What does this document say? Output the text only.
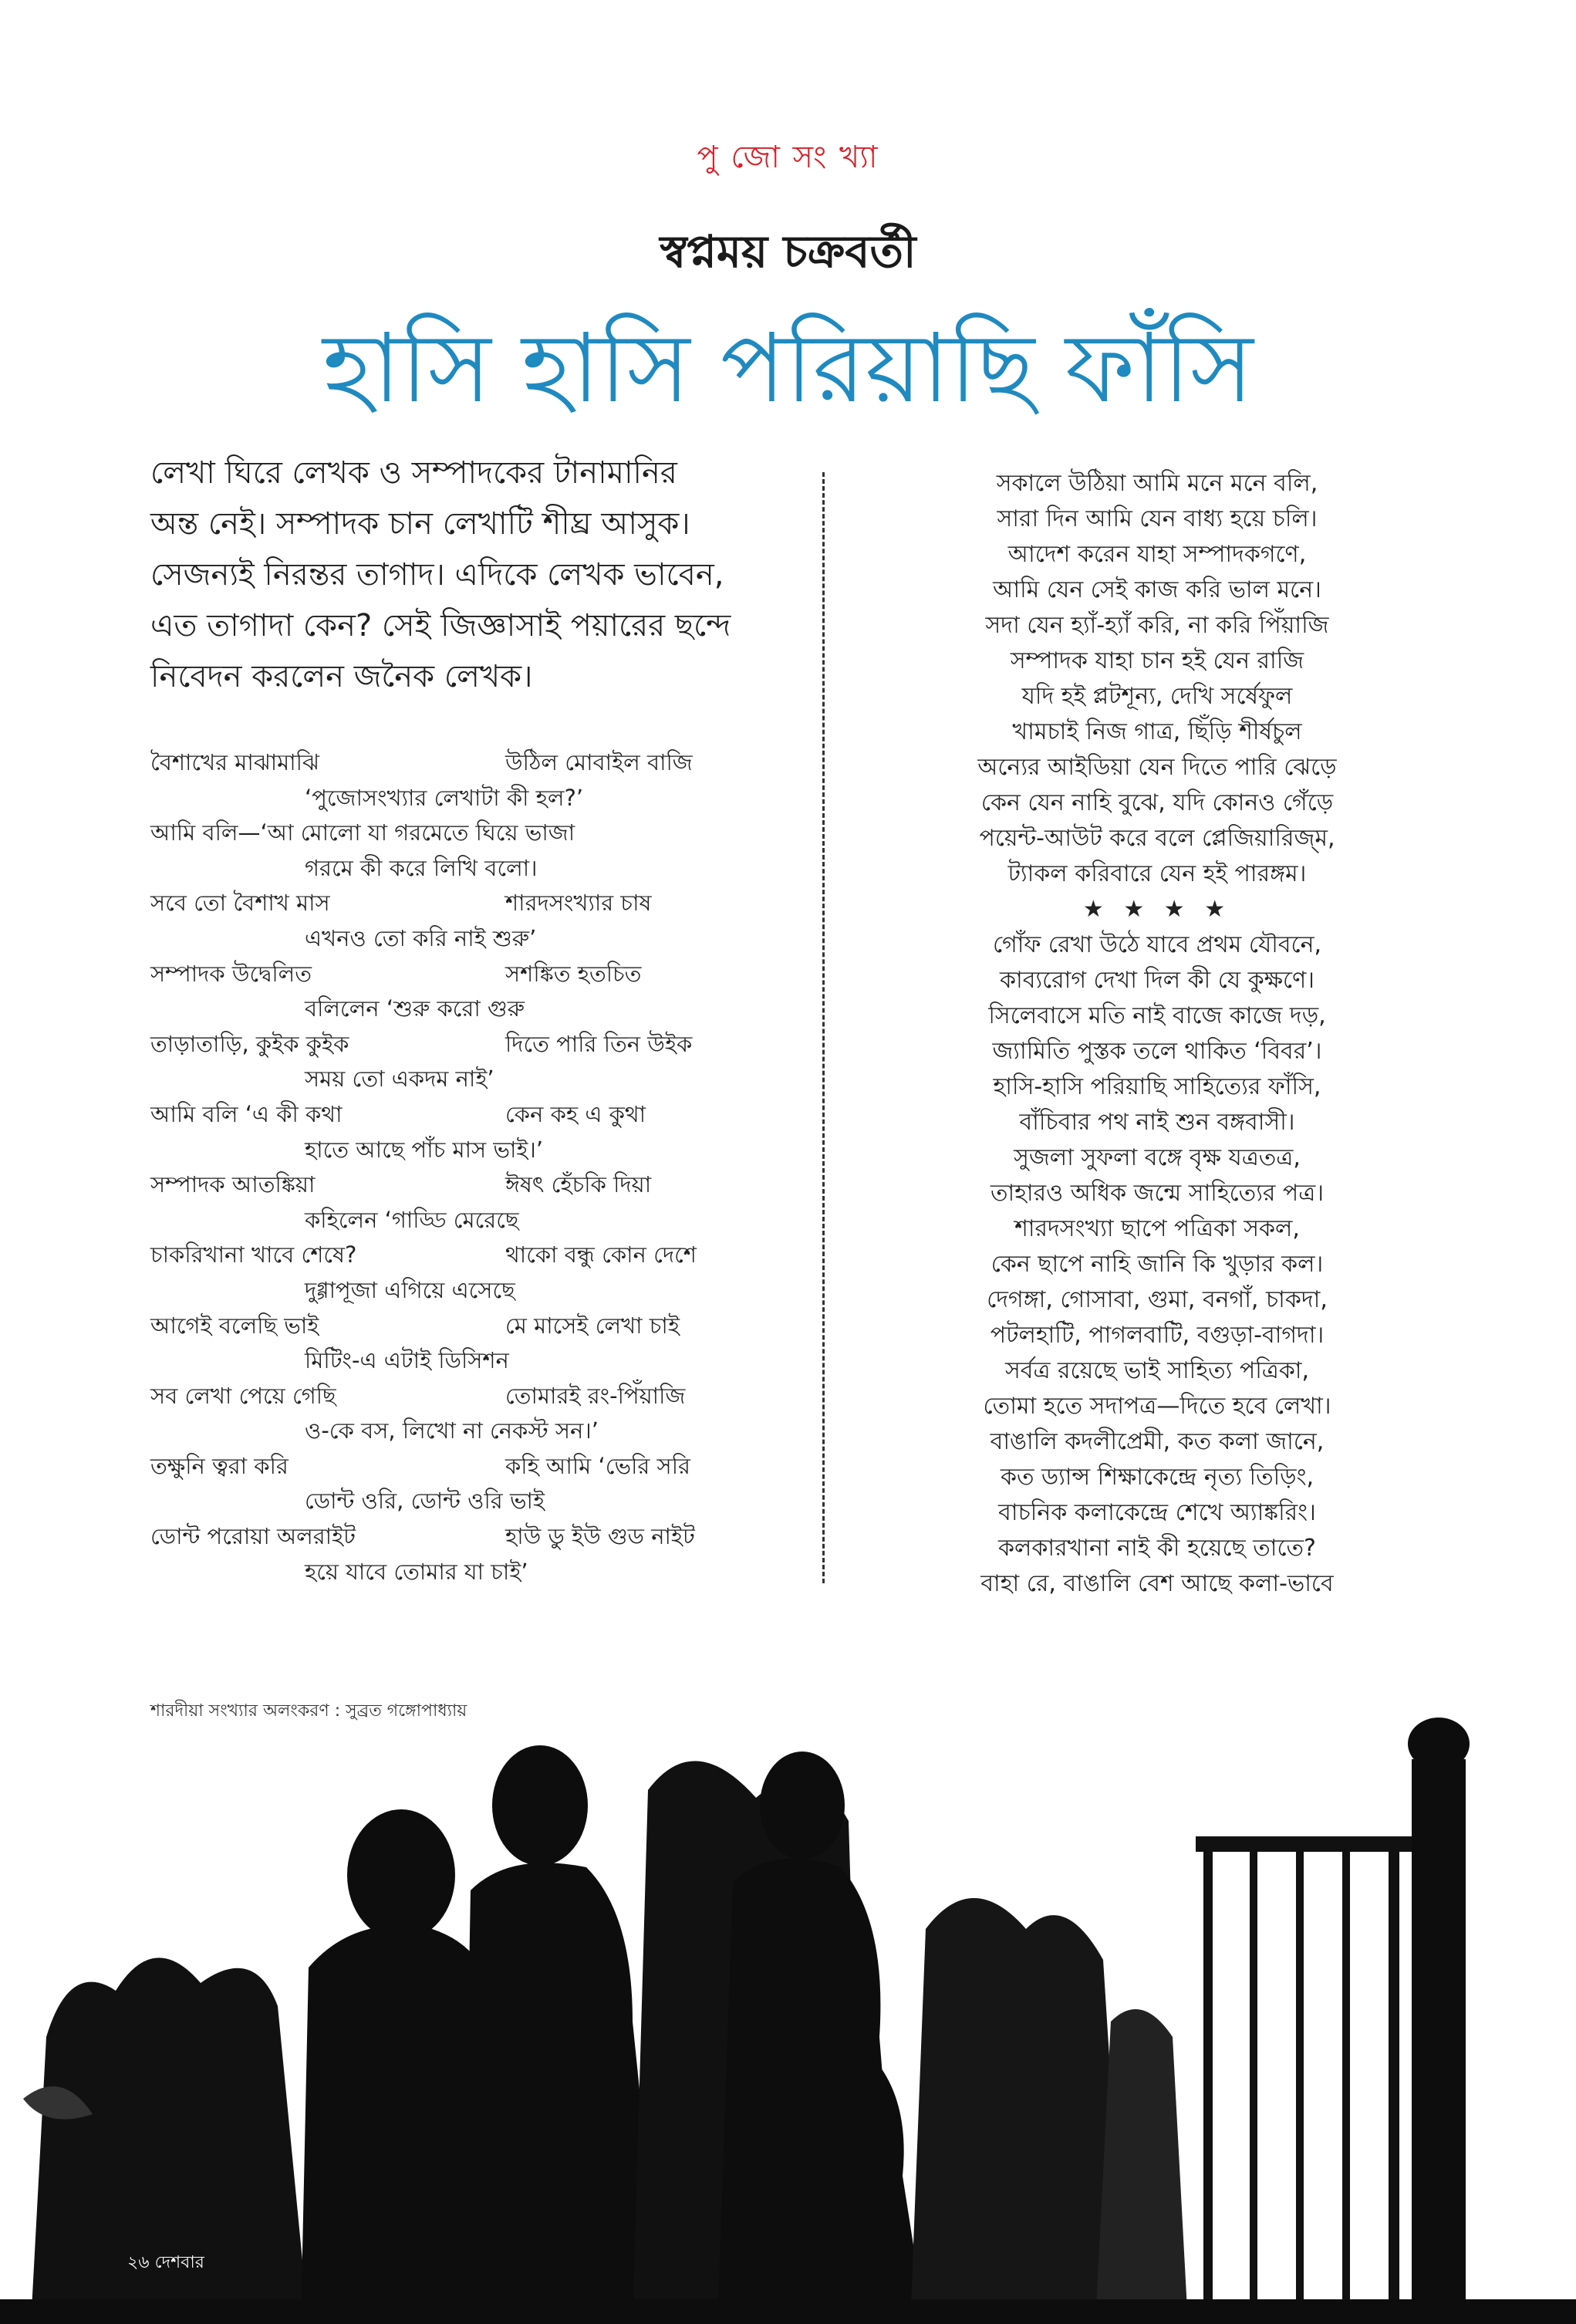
পু জো সং খ্যা
স্বপ্নময় চক্রবর্তী
হাসি হাসি পরিয়াছি ফাঁসি

লেখা ঘিরে লেখক ও সম্পাদকের টানামানির

অন্ত নেই। সম্পাদক চান লেখাটি শীঘ্র আসুক।

সেজন্যই নিরন্তর তাগাদ। এদিকে লেখক ভাবেন,

এত তাগাদা কেন? সেই জিজ্ঞাসাই পয়ারের ছন্দে

নিবেদন করলেন জনৈক লেখক।

বৈশাখের মাঝামাঝি	উঠিল মোবাইল বাজি
‘পুজোসংখ্যার লেখাটা কী হল?’
আমি বলি—‘আ মোলো যা গরমেতে ঘিয়ে ভাজা
গরমে কী করে লিখি বলো।
সবে তো বৈশাখ মাস	শারদসংখ্যার চাষ
এখনও তো করি নাই শুরু’
সম্পাদক উদ্বেলিত	সশঙ্কিত হতচিত
বলিলেন ‘শুরু করো গুরু
তাড়াতাড়ি, কুইক কুইক	দিতে পারি তিন উইক
সময় তো একদম নাই’
আমি বলি ‘এ কী কথা	কেন কহ এ কুথা
হাতে আছে পাঁচ মাস ভাই।’
সম্পাদক আতঙ্কিয়া	ঈষৎ হেঁচকি দিয়া
কহিলেন ‘গাড্ডি মেরেছে
চাকরিখানা খাবে শেষে?	থাকো বন্ধু কোন দেশে
দুগ্গাপূজা এগিয়ে এসেছে
আগেই বলেছি ভাই	মে মাসেই লেখা চাই
মিটিং-এ এটাই ডিসিশন
সব লেখা পেয়ে গেছি	তোমারই রং-পিঁয়াজি
ও-কে বস, লিখো না নেকস্ট সন।’
তক্ষুনি ত্বরা করি	কহি আমি ‘ভেরি সরি
ডোন্ট ওরি, ডোন্ট ওরি ভাই
ডোন্ট পরোয়া অলরাইট	হাউ ডু ইউ গুড নাইট
হয়ে যাবে তোমার যা চাই’
সকালে উঠিয়া আমি মনে মনে বলি,
সারা দিন আমি যেন বাধ্য হয়ে চলি।
আদেশ করেন যাহা সম্পাদকগণে,
আমি যেন সেই কাজ করি ভাল মনে।
সদা যেন হ্যাঁ-হ্যাঁ করি, না করি পিঁয়াজি
সম্পাদক যাহা চান হই যেন রাজি
যদি হই প্লটশূন্য, দেখি সর্ষেফুল
খামচাই নিজ গাত্র, ছিঁড়ি শীর্ষচুল
অন্যের আইডিয়া যেন দিতে পারি ঝেড়ে
কেন যেন নাহি বুঝে, যদি কোনও গেঁড়ে
পয়েন্ট-আউট করে বলে প্লেজিয়ারিজ্‌ম,
ট্যাকল করিবারে যেন হই পারঙ্গম।
★ ★ ★ ★
গোঁফ রেখা উঠে যাবে প্রথম যৌবনে,
কাব্যরোগ দেখা দিল কী যে কুক্ষণে।
সিলেবাসে মতি নাই বাজে কাজে দড়,
জ্যামিতি পুস্তক তলে থাকিত ‘বিবর’।
হাসি-হাসি পরিয়াছি সাহিত্যের ফাঁসি,
বাঁচিবার পথ নাই শুন বঙ্গবাসী।
সুজলা সুফলা বঙ্গে বৃক্ষ যত্রতত্র,
তাহারও অধিক জন্মে সাহিত্যের পত্র।
শারদসংখ্যা ছাপে পত্রিকা সকল,
কেন ছাপে নাহি জানি কি খুড়ার কল।
দেগঙ্গা, গোসাবা, গুমা, বনগাঁ, চাকদা,
পটলহাটি, পাগলবাটি, বগুড়া-বাগদা।
সর্বত্র রয়েছে ভাই সাহিত্য পত্রিকা,
তোমা হতে সদাপত্র—দিতে হবে লেখা।
বাঙালি কদলীপ্রেমী, কত কলা জানে,
কত ড্যান্স শিক্ষাকেন্দ্রে নৃত্য তিড়িং,
বাচনিক কলাকেন্দ্রে শেখে অ্যাঙ্করিং।
কলকারখানা নাই কী হয়েছে তাতে?
বাহা রে, বাঙালি বেশ আছে কলা-ভাবে
শারদীয়া সংখ্যার অলংকরণ : সুব্রত গঙ্গোপাধ্যায়
২৬ দেশবার
